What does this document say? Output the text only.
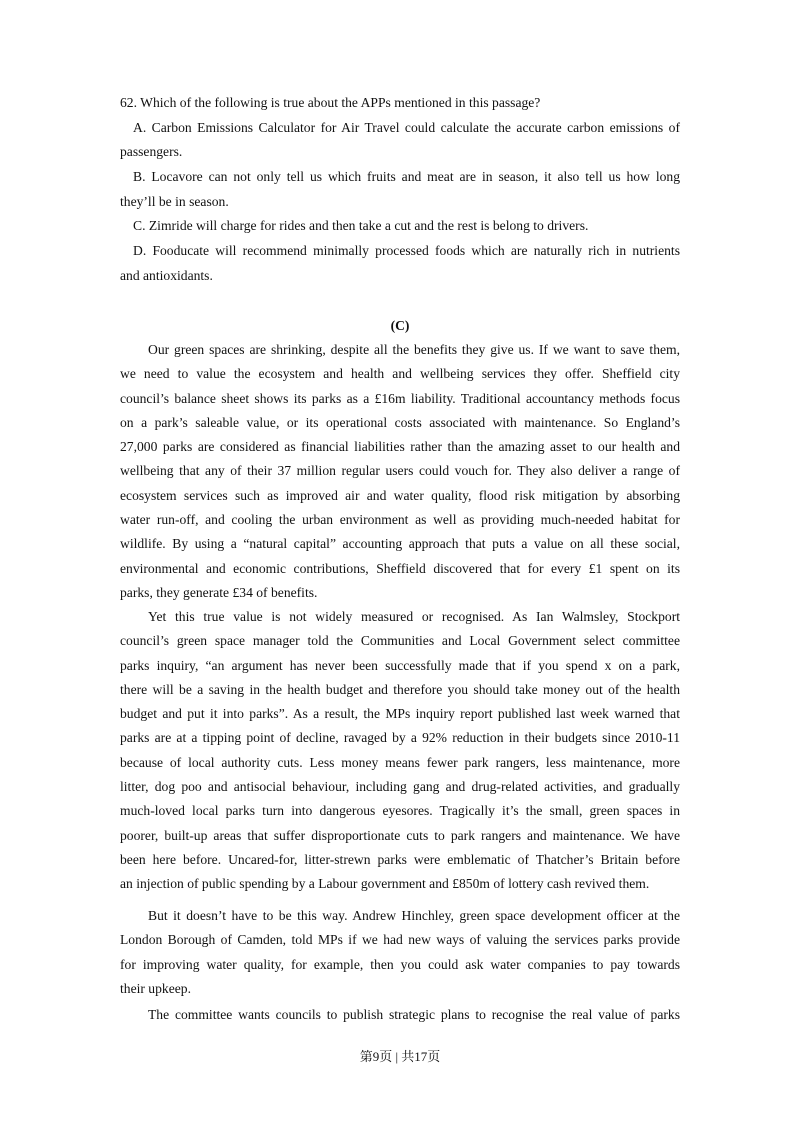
62. Which of the following is true about the APPs mentioned in this passage?
A. Carbon Emissions Calculator for Air Travel could calculate the accurate carbon emissions of
passengers.
B. Locavore can not only tell us which fruits and meat are in season, it also tell us how long
they’ll be in season.
C. Zimride will charge for rides and then take a cut and the rest is belong to drivers.
D. Fooducate will recommend minimally processed foods which are naturally rich in nutrients
and antioxidants.
(C)
Our green spaces are shrinking, despite all the benefits they give us. If we want to save them,
we need to value the ecosystem and health and wellbeing services they offer. Sheffield city
council’s balance sheet shows its parks as a £16m liability. Traditional accountancy methods focus
on a park’s saleable value, or its operational costs associated with maintenance. So England’s
27,000 parks are considered as financial liabilities rather than the amazing asset to our health and
wellbeing that any of their 37 million regular users could vouch for. They also deliver a range of
ecosystem services such as improved air and water quality, flood risk mitigation by absorbing
water run-off, and cooling the urban environment as well as providing much-needed habitat for
wildlife. By using a “natural capital” accounting approach that puts a value on all these social,
environmental and economic contributions, Sheffield discovered that for every £1 spent on its
parks, they generate £34 of benefits.
Yet this true value is not widely measured or recognised. As Ian Walmsley, Stockport
council’s green space manager told the Communities and Local Government select committee
parks inquiry, “an argument has never been successfully made that if you spend x on a park,
there will be a saving in the health budget and therefore you should take money out of the health
budget and put it into parks”. As a result, the MPs inquiry report published last week warned that
parks are at a tipping point of decline, ravaged by a 92% reduction in their budgets since 2010-11
because of local authority cuts. Less money means fewer park rangers, less maintenance, more
litter, dog poo and antisocial behaviour, including gang and drug-related activities, and gradually
much-loved local parks turn into dangerous eyesores. Tragically it’s the small, green spaces in
poorer, built-up areas that suffer disproportionate cuts to park rangers and maintenance. We have
been here before. Uncared-for, litter-strewn parks were emblematic of Thatcher’s Britain before
an injection of public spending by a Labour government and £850m of lottery cash revived them.
But it doesn’t have to be this way. Andrew Hinchley, green space development officer at the
London Borough of Camden, told MPs if we had new ways of valuing the services parks provide
for improving water quality, for example, then you could ask water companies to pay towards
their upkeep.
The committee wants councils to publish strategic plans to recognise the real value of parks
第9页 | 共17页
